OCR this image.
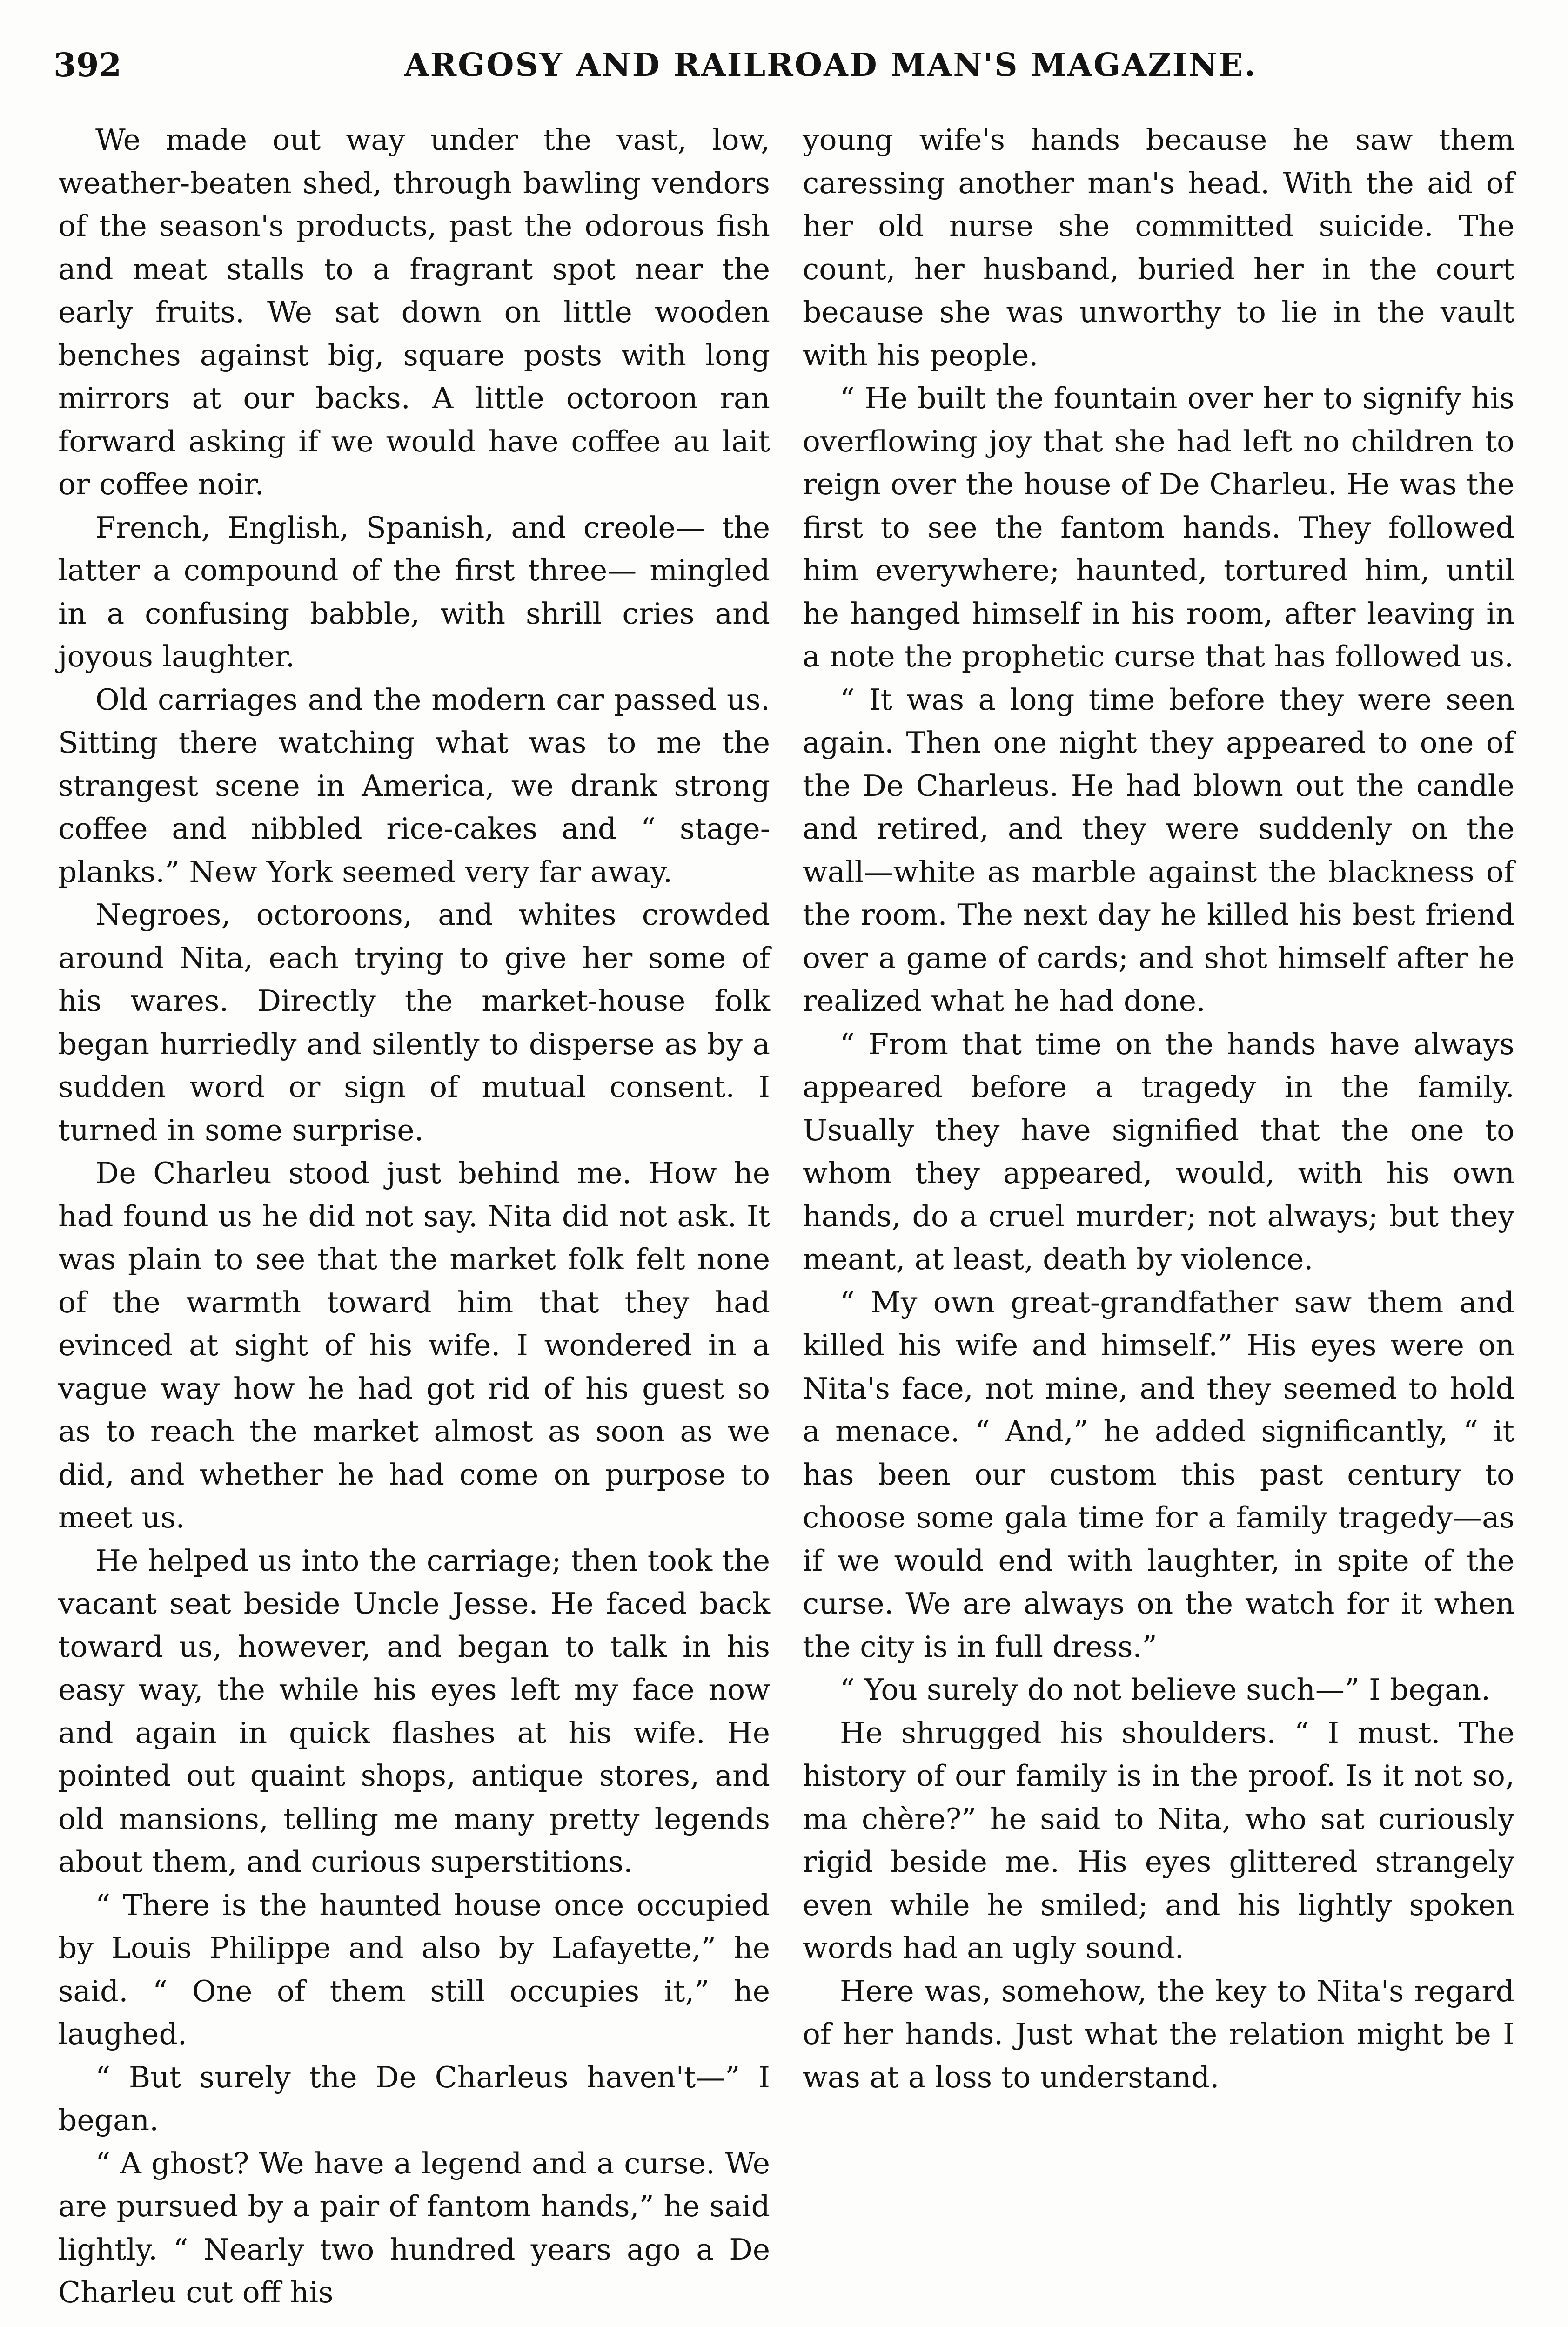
392	ARGOSY AND RAILROAD MAN'S MAGAZINE.

We made out way under the vast, low, weather-beaten shed, through bawling vendors of the season's products, past the odorous fish and meat stalls to a fragrant spot near the early fruits. We sat down on little wooden benches against big, square posts with long mirrors at our backs. A little octoroon ran forward asking if we would have coffee au lait or coffee noir.

French, English, Spanish, and creole— the latter a compound of the first three— mingled in a confusing babble, with shrill cries and joyous laughter.

Old carriages and the modern car passed us. Sitting there watching what was to me the strangest scene in America, we drank strong coffee and nibbled rice-cakes and “ stage-planks.” New York seemed very far away.

Negroes, octoroons, and whites crowded around Nita, each trying to give her some of his wares. Directly the market-house folk began hurriedly and silently to disperse as by a sudden word or sign of mutual consent. I turned in some surprise.

De Charleu stood just behind me. How he had found us he did not say. Nita did not ask. It was plain to see that the market folk felt none of the warmth toward him that they had evinced at sight of his wife. I wondered in a vague way how he had got rid of his guest so as to reach the market almost as soon as we did, and whether he had come on purpose to meet us.

He helped us into the carriage; then took the vacant seat beside Uncle Jesse. He faced back toward us, however, and began to talk in his easy way, the while his eyes left my face now and again in quick flashes at his wife. He pointed out quaint shops, antique stores, and old mansions, telling me many pretty legends about them, and curious superstitions.

“ There is the haunted house once occupied by Louis Philippe and also by Lafayette,” he said. “ One of them still occupies it,” he laughed.

“ But surely the De Charleus haven't—” I began.

“ A ghost? We have a legend and a curse. We are pursued by a pair of fantom hands,” he said lightly. “ Nearly two hundred years ago a De Charleu cut off his

young wife's hands because he saw them caressing another man's head. With the aid of her old nurse she committed suicide. The count, her husband, buried her in the court because she was unworthy to lie in the vault with his people.

“ He built the fountain over her to signify his overflowing joy that she had left no children to reign over the house of De Charleu. He was the first to see the fantom hands. They followed him everywhere; haunted, tortured him, until he hanged himself in his room, after leaving in a note the prophetic curse that has followed us.

“ It was a long time before they were seen again. Then one night they appeared to one of the De Charleus. He had blown out the candle and retired, and they were suddenly on the wall—white as marble against the blackness of the room. The next day he killed his best friend over a game of cards; and shot himself after he realized what he had done.

“ From that time on the hands have always appeared before a tragedy in the family. Usually they have signified that the one to whom they appeared, would, with his own hands, do a cruel murder; not always; but they meant, at least, death by violence.

“ My own great-grandfather saw them and killed his wife and himself.” His eyes were on Nita's face, not mine, and they seemed to hold a menace. “ And,” he added significantly, “ it has been our custom this past century to choose some gala time for a family tragedy—as if we would end with laughter, in spite of the curse. We are always on the watch for it when the city is in full dress.”

“ You surely do not believe such—” I began.

He shrugged his shoulders. “ I must. The history of our family is in the proof. Is it not so, ma chère?” he said to Nita, who sat curiously rigid beside me. His eyes glittered strangely even while he smiled; and his lightly spoken words had an ugly sound.

Here was, somehow, the key to Nita's regard of her hands. Just what the relation might be I was at a loss to understand.
